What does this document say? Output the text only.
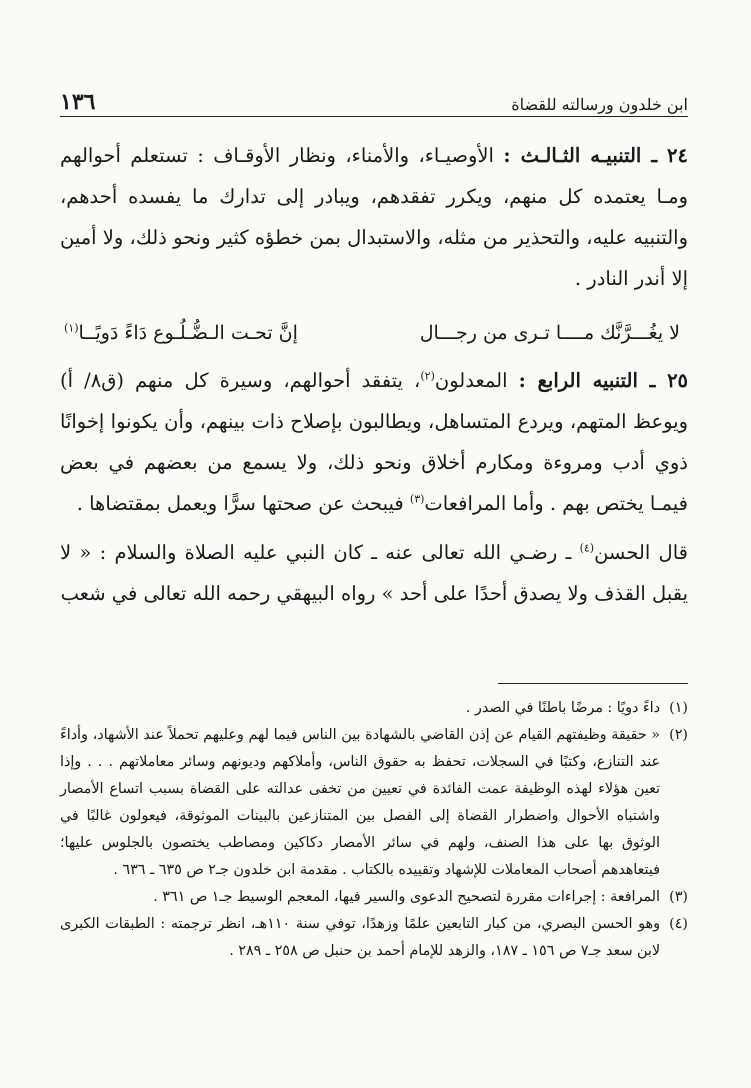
ابن خلدون ورسالته للقضاة
١٣٦

٢٤ ـ التنبيـه الثـالـث : الأوصيـاء، والأمناء، ونظار الأوقـاف : تستعلم أحوالهم ومـا يعتمده كل منهم، ويكرر تفقدهم، ويبادر إلى تدارك ما يفسده أحدهم، والتنبيه عليه، والتحذير من مثله، والاستبدال بمن خطؤه كثير ونحو ذلك، ولا أمين إلا أندر النادر .

لا يغُـــرَّنَّك مــــا تـرى من رجـــال
إنَّ تحـت الـضُّـلُـوع دَاءً دَويًــا$^{(١)}$

٢٥ ـ التنبيه الرابع : المعدلون$^{(٢)}$، يتفقد أحوالهم، وسيرة كل منهم (ق٨/ أ) ويوعظ المتهم، ويردع المتساهل، ويطالبون بإصلاح ذات بينهم، وأن يكونوا إخوانًا ذوي أدب ومروءة ومكارم أخلاق ونحو ذلك، ولا يسمع من بعضهم في بعض فيمـا يختص بهم . وأما المرافعات$^{(٣)}$ فيبحث عن صحتها سرًّا ويعمل بمقتضاها .

قال الحسن$^{(٤)}$ ـ رضـي الله تعالى عنه ـ كان النبي عليه الصلاة والسلام : « لا يقبل القذف ولا يصدق أحدًا على أحد » رواه البيهقي رحمه الله تعالى في شعب

(١)
داءً دويًا : مرضًا باطنًا في الصدر .
(٢)
« حقيقة وظيفتهم القيام عن إذن القاضي بالشهادة بين الناس فيما لهم وعليهم تحملاً عند الأشهاد، وأداءً عند التنازع، وكتبًا في السجلات، تحفظ به حقوق الناس، وأملاكهم وديونهم وسائر معاملاتهم . . . وإذا تعين هؤلاء لهذه الوظيفة عمت الفائدة في تعيين من تخفى عدالته على القضاة بسبب اتساع الأمصار واشتباه الأحوال واضطرار القضاة إلى الفصل بين المتنازعين بالبينات الموثوقة، فيعولون غالبًا في الوثوق بها على هذا الصنف، ولهم في سائر الأمصار دكاكين ومصاطب يختصون بالجلوس عليها؛ فيتعاهدهم أصحاب المعاملات للإشهاد وتقييده بالكتاب . مقدمة ابن خلدون جـ٢ ص ٦٣٥ ـ ٦٣٦ .
(٣)
المرافعة : إجراءات مقررة لتصحيح الدعوى والسير فيها، المعجم الوسيط جـ١ ص ٣٦١ .
(٤)
وهو الحسن البصري، من كبار التابعين علمًا وزهدًا، توفي سنة ١١٠هـ، انظر ترجمته : الطبقات الكبرى لابن سعد جـ٧ ص ١٥٦ ـ ١٨٧، والزهد للإمام أحمد بن حنبل ص ٢٥٨ ـ ٢٨٩ .
